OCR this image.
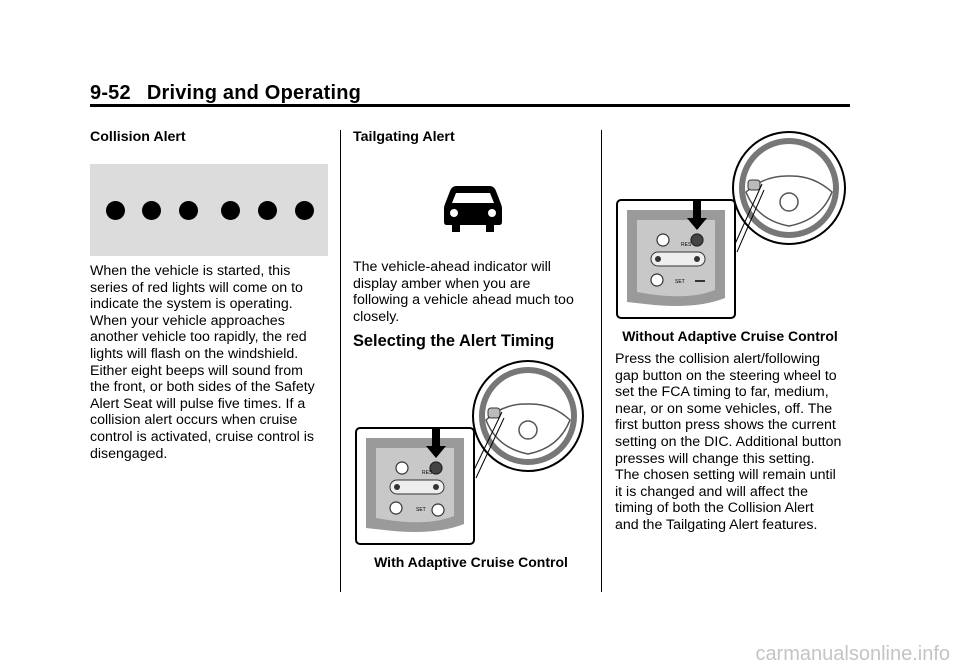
9-52 Driving and Operating
Collision Alert

When the vehicle is started, this

series of red lights will come on to

indicate the system is operating.

When your vehicle approaches

another vehicle too rapidly, the red

lights will flash on the windshield.

Either eight beeps will sound from

the front, or both sides of the Safety

Alert Seat will pulse five times. If a

collision alert occurs when cruise

control is activated, cruise control is

disengaged.

Tailgating Alert

The vehicle-ahead indicator will

display amber when you are

following a vehicle ahead much too

closely.

Selecting the Alert Timing
RES
SET
With Adaptive Cruise Control
RES
SET
Without Adaptive Cruise Control

Press the collision alert/following

gap button on the steering wheel to

set the FCA timing to far, medium,

near, or on some vehicles, off. The

first button press shows the current

setting on the DIC. Additional button

presses will change this setting.

The chosen setting will remain until

it is changed and will affect the

timing of both the Collision Alert

and the Tailgating Alert features.

carmanualsonline.info
